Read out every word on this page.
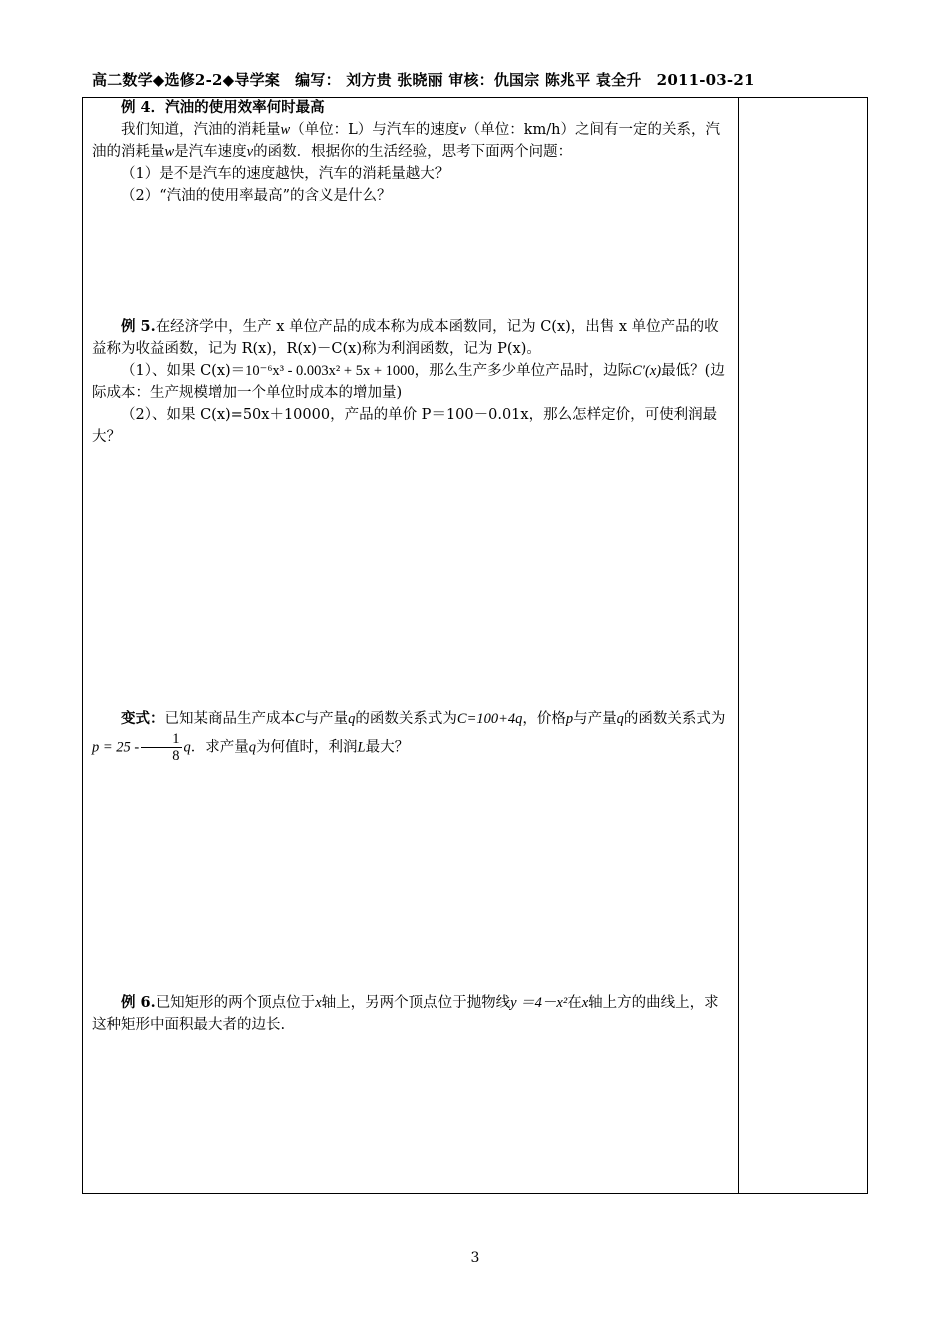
高二数学◆选修2-2◆导学案　编写： 刘方贵 张晓丽 审核：仇国宗 陈兆平 袁全升　2011-03-21

例 4．汽油的使用效率何时最高

我们知道，汽油的消耗量w（单位：L）与汽车的速度v（单位：km/h）之间有一定的关系，汽油的消耗量w是汽车速度v的函数．根据你的生活经验，思考下面两个问题：

（1）是不是汽车的速度越快，汽车的消耗量越大？

（2）“汽油的使用率最高”的含义是什么？

例 5.在经济学中，生产 x 单位产品的成本称为成本函数同，记为 C(x)，出售 x 单位产品的收益称为收益函数，记为 R(x)，R(x)－C(x)称为利润函数，记为 P(x)。

（1）、如果 C(x)＝10⁻⁶x³ - 0.003x² + 5x + 1000，那么生产多少单位产品时，边际C′(x)最低？(边际成本：生产规模增加一个单位时成本的增加量)

（2）、如果 C(x)=50x＋10000，产品的单价 P＝100－0.01x，那么怎样定价，可使利润最大？

变式：已知某商品生产成本C与产量q的函数关系式为C=100+4q，价格p与产量q的函数关系式为$p = 25 - \frac{1}{8}$ q．求产量q为何值时，利润L最大？

例 6.已知矩形的两个顶点位于x轴上，另两个顶点位于抛物线y ＝4－x²在x轴上方的曲线上，求这种矩形中面积最大者的边长.

3
